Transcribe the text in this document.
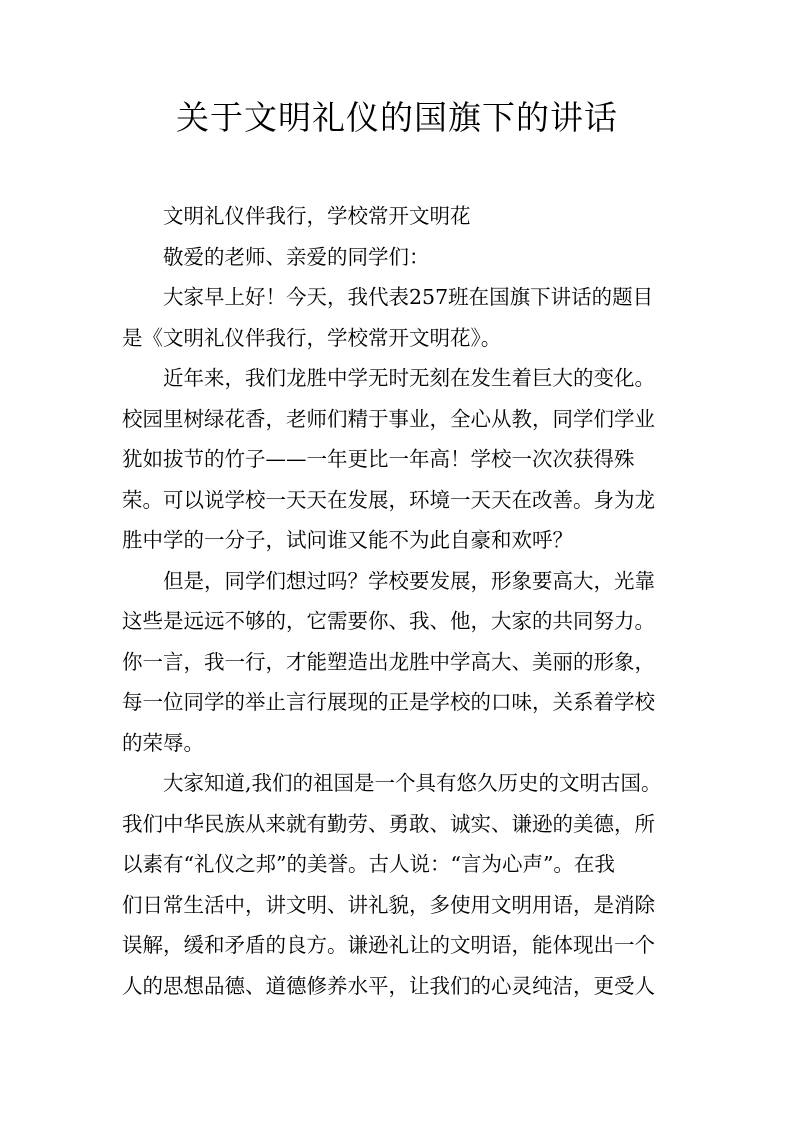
关于文明礼仪的国旗下的讲话

文明礼仪伴我行，学校常开文明花

敬爱的老师、亲爱的同学们：

大家早上好！今天，我代表257班在国旗下讲话的题目

是《文明礼仪伴我行，学校常开文明花》。

近年来，我们龙胜中学无时无刻在发生着巨大的变化。

校园里树绿花香，老师们精于事业，全心从教，同学们学业

犹如拔节的竹子——一年更比一年高！学校一次次获得殊

荣。可以说学校一天天在发展，环境一天天在改善。身为龙

胜中学的一分子，试问谁又能不为此自豪和欢呼？

但是，同学们想过吗？学校要发展，形象要高大，光靠

这些是远远不够的，它需要你、我、他，大家的共同努力。

你一言，我一行，才能塑造出龙胜中学高大、美丽的形象，

每一位同学的举止言行展现的正是学校的口味，关系着学校

的荣辱。

大家知道,我们的祖国是一个具有悠久历史的文明古国。

我们中华民族从来就有勤劳、勇敢、诚实、谦逊的美德，所

以素有“礼仪之邦”的美誉。古人说：“言为心声”。在我

们日常生活中，讲文明、讲礼貌，多使用文明用语，是消除

误解，缓和矛盾的良方。谦逊礼让的文明语，能体现出一个

人的思想品德、道德修养水平，让我们的心灵纯洁，更受人
